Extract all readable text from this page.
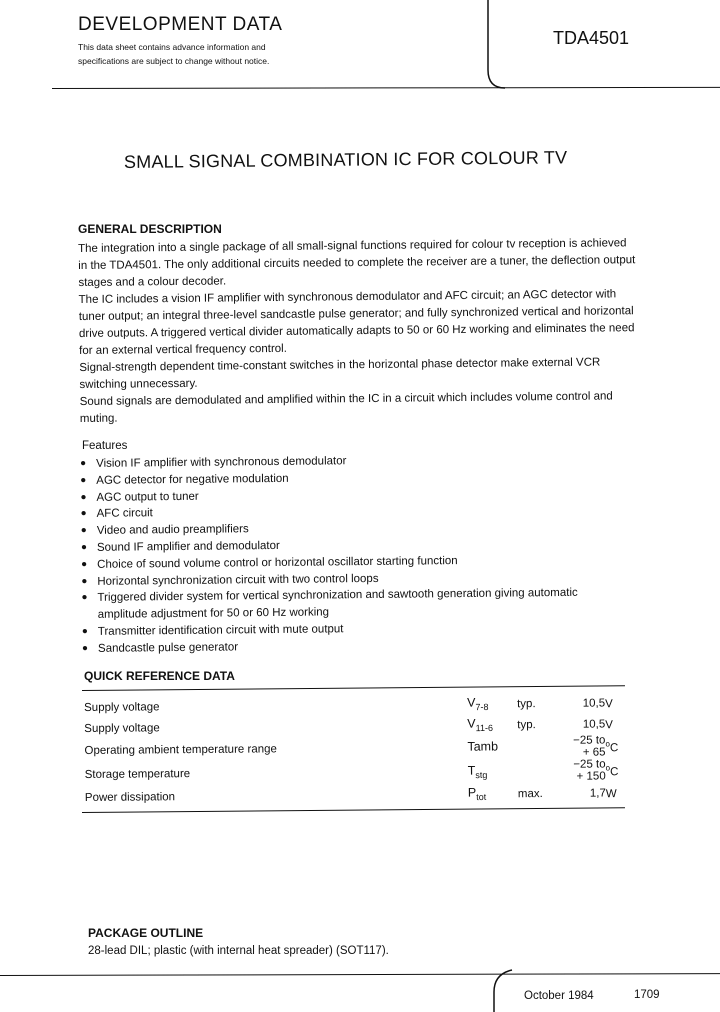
DEVELOPMENT DATA
This data sheet contains advance information and
specifications are subject to change without notice.
TDA4501
SMALL SIGNAL COMBINATION IC FOR COLOUR TV
GENERAL DESCRIPTION

The integration into a single package of all small-signal functions required for colour tv reception is achieved in the TDA4501. The only additional circuits needed to complete the receiver are a tuner, the deflection output stages and a colour decoder.

The IC includes a vision IF amplifier with synchronous demodulator and AFC circuit; an AGC detector with tuner output; an integral three-level sandcastle pulse generator; and fully synchronized vertical and horizontal drive outputs. A triggered vertical divider automatically adapts to 50 or 60 Hz working and eliminates the need for an external vertical frequency control.

Signal-strength dependent time-constant switches in the horizontal phase detector make external VCR switching unnecessary.

Sound signals are demodulated and amplified within the IC in a circuit which includes volume control and muting.

Features
● Vision IF amplifier with synchronous demodulator
● AGC detector for negative modulation
● AGC output to tuner
● AFC circuit
● Video and audio preamplifiers
● Sound IF amplifier and demodulator
● Choice of sound volume control or horizontal oscillator starting function
● Horizontal synchronization circuit with two control loops
● Triggered divider system for vertical synchronization and sawtooth generation giving automatic amplitude adjustment for 50 or 60 Hz working
● Transmitter identification circuit with mute output
● Sandcastle pulse generator
QUICK REFERENCE DATA
Supply voltage	$V_{7-8}$	typ.	10,5	V
Supply voltage	$V_{11-6}$	typ.	10,5	V
Operating ambient temperature range	Tamb		−25 to + 65	$^o$C
Storage temperature	$T_{stg}$		−25 to + 150	$^o$C
Power dissipation	$P_{tot}$	max.	1,7	W
PACKAGE OUTLINE
28-lead DIL; plastic (with internal heat spreader) (SOT117).
October 1984	1709
